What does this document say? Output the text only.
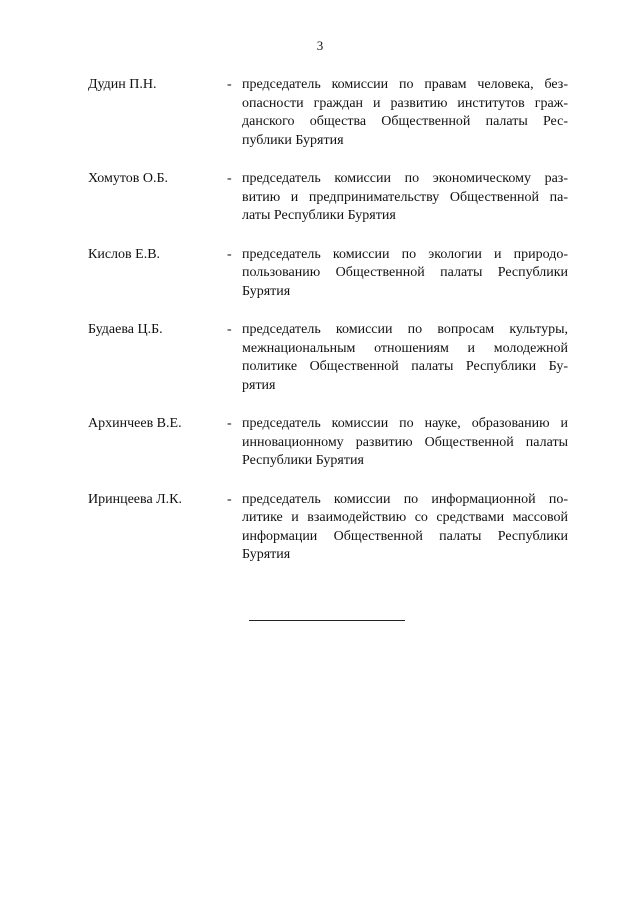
3
Дудин П.Н.	- председатель комиссии по правам человека, без-
опасности граждан и развитию институтов граж-
данского общества Общественной палаты Рес-
публики Бурятия
Хомутов О.Б.	- председатель комиссии по экономическому раз-
витию и предпринимательству Общественной па-
латы Республики Бурятия
Кислов Е.В.	- председатель комиссии по экологии и природо-
пользованию Общественной палаты Республики
Бурятия
Будаева Ц.Б.	- председатель комиссии по вопросам культуры,
межнациональным отношениям и молодежной
политике Общественной палаты Республики Бу-
рятия
Архинчеев В.Е.	- председатель комиссии по науке, образованию и
инновационному развитию Общественной палаты
Республики Бурятия
Иринцеева Л.К.	- председатель комиссии по информационной по-
литике и взаимодействию со средствами массовой
информации Общественной палаты Республики
Бурятия
